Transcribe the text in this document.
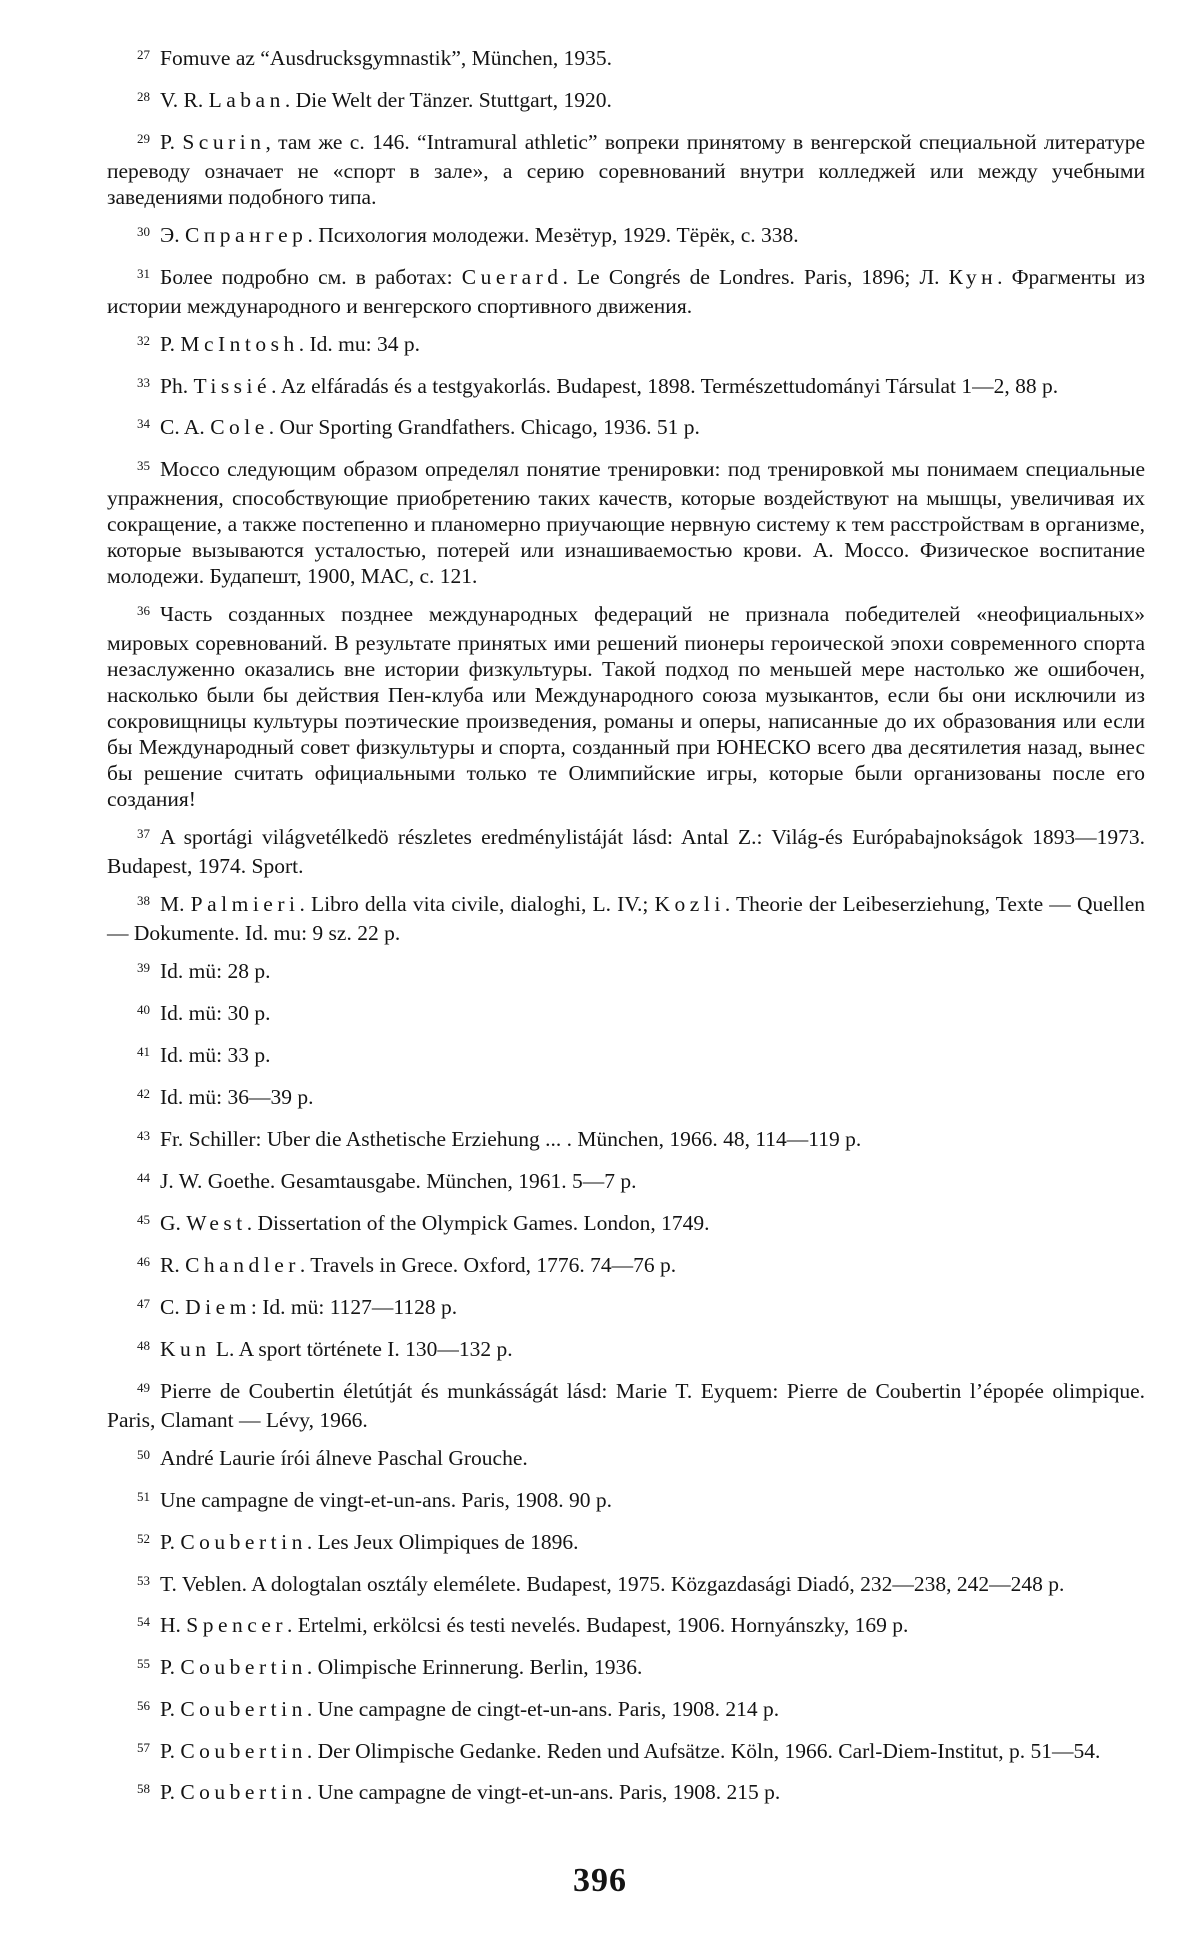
$^{27}$ Fomuve az “Ausdrucksgymnastik”, München, 1935.

$^{28}$ V. R. Laban. Die Welt der Tänzer. Stuttgart, 1920.

$^{29}$ P. Scurin, там же с. 146. “Intramural athletic” вопреки принятому в венгерской специальной литературе переводу означает не «спорт в зале», а серию соревнований внутри колледжей или между учебными заведениями подобного типа.

$^{30}$ Э. Спрангер. Психология молодежи. Мезётур, 1929. Тёрёк, с. 338.

$^{31}$ Более подробно см. в работах: Cuerard. Le Congrés de Londres. Paris, 1896; Л. Кун. Фрагменты из истории международного и венгерского спортивного движения.

$^{32}$ P. McIntosh. Id. mu: 34 p.

$^{33}$ Ph. Tissié. Az elfáradás és a testgyakorlás. Budapest, 1898. Természettudományi Társulat 1—2, 88 p.

$^{34}$ C. A. Cole. Our Sporting Grandfathers. Chicago, 1936. 51 p.

$^{35}$ Моссо следующим образом определял понятие тренировки: под тренировкой мы понимаем специальные упражнения, способствующие приобретению таких качеств, которые воздействуют на мышцы, увеличивая их сокращение, а также постепенно и планомерно приучающие нервную систему к тем расстройствам в организме, которые вызываются усталостью, потерей или изнашиваемостью крови. А. Моссо. Физическое воспитание молодежи. Будапешт, 1900, МАС, с. 121.

$^{36}$ Часть созданных позднее международных федераций не признала победителей «неофициальных» мировых соревнований. В результате принятых ими решений пионеры героической эпохи современного спорта незаслуженно оказались вне истории физкультуры. Такой подход по меньшей мере настолько же ошибочен, насколько были бы действия Пен-клуба или Международного союза музыкантов, если бы они исключили из сокровищницы культуры поэтические произведения, романы и оперы, написанные до их образования или если бы Международный совет физкультуры и спорта, созданный при ЮНЕСКО всего два десятилетия назад, вынес бы решение считать официальными только те Олимпийские игры, которые были организованы после его создания!

$^{37}$ A sportági világvetélkedö részletes eredménylistáját lásd: Antal Z.: Világ-és Európabajnokságok 1893—1973. Budapest, 1974. Sport.

$^{38}$ M. Palmieri. Libro della vita civile, dialoghi, L. IV.; Kozli. Theorie der Leibeserziehung, Texte — Quellen — Dokumente. Id. mu: 9 sz. 22 p.

$^{39}$ Id. mü: 28 p.

$^{40}$ Id. mü: 30 p.

$^{41}$ Id. mü: 33 p.

$^{42}$ Id. mü: 36—39 p.

$^{43}$ Fr. Schiller: Uber die Asthetische Erziehung ... . München, 1966. 48, 114—119 p.

$^{44}$ J. W. Goethe. Gesamtausgabe. München, 1961. 5—7 p.

$^{45}$ G. West. Dissertation of the Olympick Games. London, 1749.

$^{46}$ R. Chandler. Travels in Grece. Oxford, 1776. 74—76 p.

$^{47}$ C. Diem: Id. mü: 1127—1128 p.

$^{48}$ Kun L. A sport története I. 130—132 p.

$^{49}$ Pierre de Coubertin életútját és munkásságát lásd: Marie T. Eyquem: Pierre de Coubertin l’épopée olimpique. Paris, Clamant — Lévy, 1966.

$^{50}$ André Laurie írói álneve Paschal Grouche.

$^{51}$ Une campagne de vingt-et-un-ans. Paris, 1908. 90 p.

$^{52}$ P. Coubertin. Les Jeux Olimpiques de 1896.

$^{53}$ T. Veblen. A dologtalan osztály elemélete. Budapest, 1975. Közgazdasági Diadó, 232—238, 242—248 p.

$^{54}$ H. Spencer. Ertelmi, erkölcsi és testi nevelés. Budapest, 1906. Hornyánszky, 169 p.

$^{55}$ P. Coubertin. Olimpische Erinnerung. Berlin, 1936.

$^{56}$ P. Coubertin. Une campagne de cingt-et-un-ans. Paris, 1908. 214 p.

$^{57}$ P. Coubertin. Der Olimpische Gedanke. Reden und Aufsätze. Köln, 1966. Carl-Diem-Institut, p. 51—54.

$^{58}$ P. Coubertin. Une campagne de vingt-et-un-ans. Paris, 1908. 215 p.

396
